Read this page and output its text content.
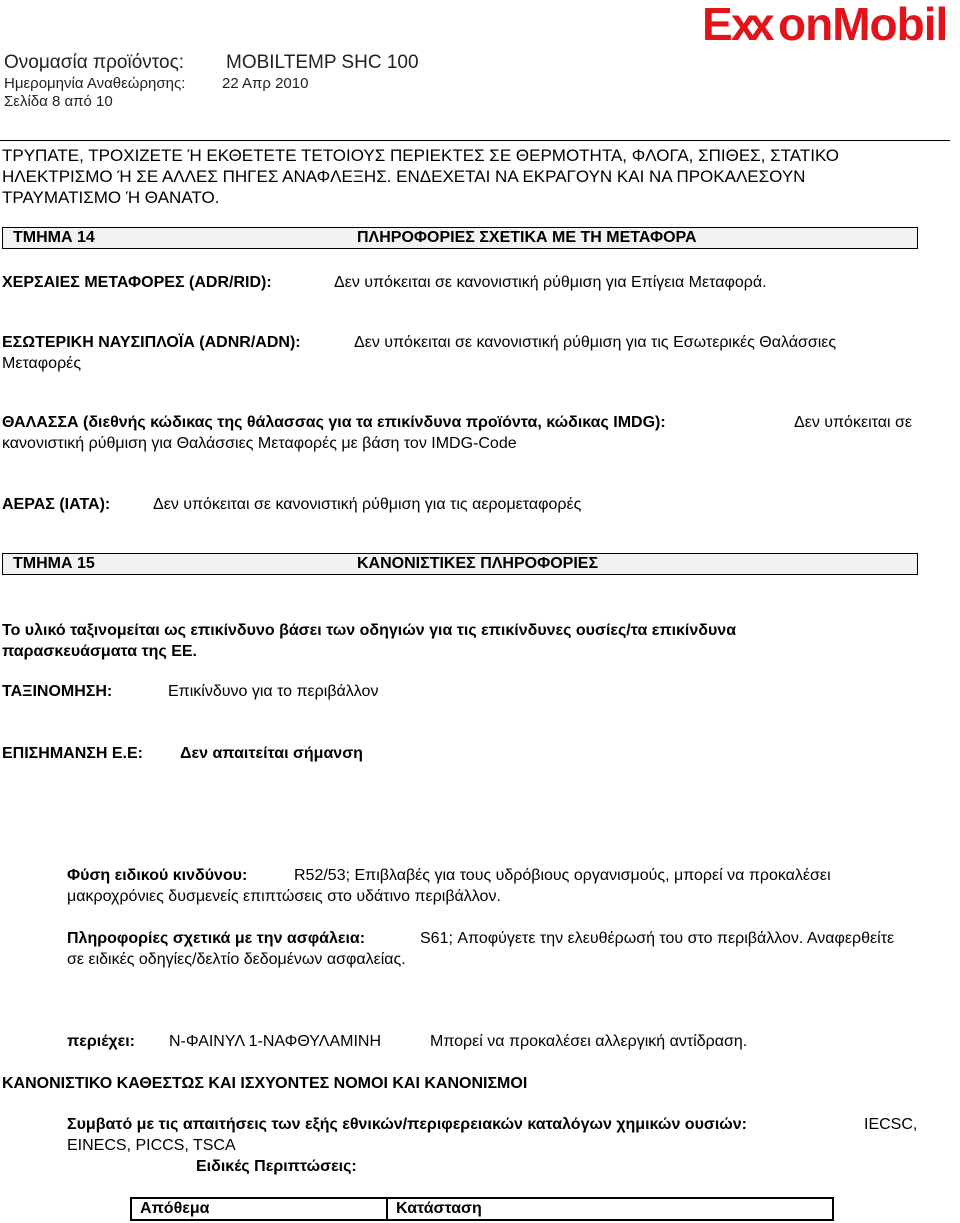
Ονομασία προϊόντος: MOBILTEMP SHC 100
Ημερομηνία Αναθεώρησης: 22 Απρ 2010
Σελίδα 8 από 10
E x
x onMobil
ΤΡΥΠΑΤΕ, ΤΡΟΧΙΖΕΤΕ Ή ΕΚΘΕΤΕΤΕ ΤΕΤΟΙΟΥΣ ΠΕΡΙΕΚΤΕΣ ΣΕ ΘΕΡΜΟΤΗΤΑ, ΦΛΟΓΑ, ΣΠΙΘΕΣ, ΣΤΑΤΙΚΟ
ΗΛΕΚΤΡΙΣΜΟ Ή ΣΕ ΑΛΛΕΣ ΠΗΓΕΣ ΑΝΑΦΛΕΞΗΣ. ΕΝΔΕΧΕΤΑΙ ΝΑ ΕΚΡΑΓΟΥΝ ΚΑΙ ΝΑ ΠΡΟΚΑΛΕΣΟΥΝ
ΤΡΑΥΜΑΤΙΣΜΟ Ή ΘΑΝΑΤΟ.
ΤΜΗΜΑ 14	ΠΛΗΡΟΦΟΡΙΕΣ ΣΧΕΤΙΚΑ ΜΕ ΤΗ ΜΕΤΑΦΟΡΑ
ΧΕΡΣΑΙΕΣ ΜΕΤΑΦΟΡΕΣ (ADR/RID):	Δεν υπόκειται σε κανονιστική ρύθμιση για Επίγεια Μεταφορά.
ΕΣΩΤΕΡΙΚΗ ΝΑΥΣΙΠΛΟΪΑ (ADNR/ADN):	Δεν υπόκειται σε κανονιστική ρύθμιση για τις Εσωτερικές Θαλάσσιες
Μεταφορές
ΘΑΛΑΣΣΑ (διεθνής κώδικας της θάλασσας για τα επικίνδυνα προϊόντα, κώδικας IMDG):	Δεν υπόκειται σε
κανονιστική ρύθμιση για Θαλάσσιες Μεταφορές με βάση τον IMDG-Code
ΑΕΡΑΣ (IATA):	Δεν υπόκειται σε κανονιστική ρύθμιση για τις αερομεταφορές
ΤΜΗΜΑ 15	ΚΑΝΟΝΙΣΤΙΚΕΣ ΠΛΗΡΟΦΟΡΙΕΣ
Το υλικό ταξινομείται ως επικίνδυνο βάσει των οδηγιών για τις επικίνδυνες ουσίες/τα επικίνδυνα
παρασκευάσματα της ΕΕ.
ΤΑΞΙΝΟΜΗΣΗ:	Επικίνδυνο για το περιβάλλον
ΕΠΙΣΗΜΑΝΣΗ Ε.Ε: Δεν απαιτείται σήμανση
Φύση ειδικού κινδύνου:	R52/53; Επιβλαβές για τους υδρόβιους οργανισμούς, μπορεί να προκαλέσει
μακροχρόνιες δυσμενείς επιπτώσεις στο υδάτινο περιβάλλον.
Πληροφορίες σχετικά με την ασφάλεια:	S61; Αποφύγετε την ελευθέρωσή του στο περιβάλλον. Αναφερθείτε
σε ειδικές οδηγίες/δελτίο δεδομένων ασφαλείας.
περιέχει: Ν-ΦΑΙΝΥΛ 1-ΝΑΦΘΥΛΑΜΙΝΗ	Μπορεί να προκαλέσει αλλεργική αντίδραση.
ΚΑΝΟΝΙΣΤΙΚΟ ΚΑΘΕΣΤΩΣ ΚΑΙ ΙΣΧΥΟΝΤΕΣ ΝΟΜΟΙ ΚΑΙ ΚΑΝΟΝΙΣΜΟΙ
Συμβατό με τις απαιτήσεις των εξής εθνικών/περιφερειακών καταλόγων χημικών ουσιών:	IECSC,
EINECS, PICCS, TSCA
Ειδικές Περιπτώσεις:
Απόθεμα	Κατάσταση
